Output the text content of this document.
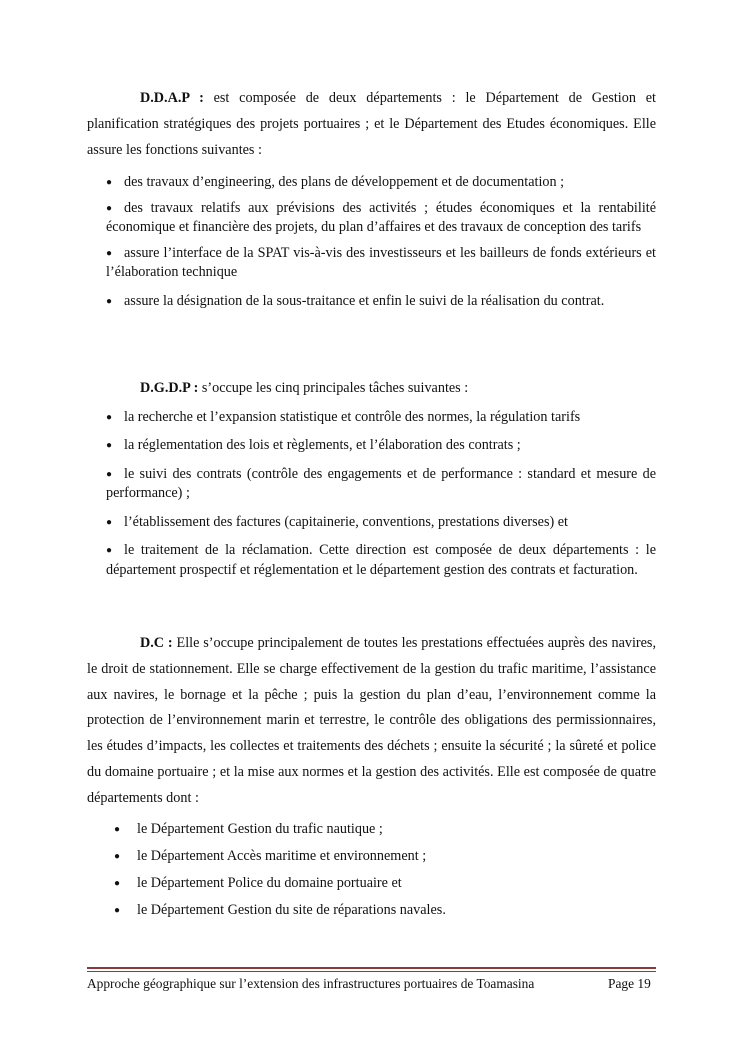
D.D.A.P : est composée de deux départements : le Département de Gestion et planification stratégiques des projets portuaires ; et le Département des Etudes économiques. Elle assure les fonctions suivantes :

● des travaux d’engineering, des plans de développement et de documentation ;
● des travaux relatifs aux prévisions des activités ; études économiques et la rentabilité économique et financière des projets, du plan d’affaires et des travaux de conception des tarifs
● assure l’interface de la SPAT vis-à-vis des investisseurs et les bailleurs de fonds extérieurs et l’élaboration technique
● assure la désignation de la sous-traitance et enfin le suivi de la réalisation du contrat.

D.G.D.P : s’occupe les cinq principales tâches suivantes :

● la recherche et l’expansion statistique et contrôle des normes, la régulation tarifs
● la réglementation des lois et règlements, et l’élaboration des contrats ;
● le suivi des contrats (contrôle des engagements et de performance : standard et mesure de performance) ;
● l’établissement des factures (capitainerie, conventions, prestations diverses) et
● le traitement de la réclamation. Cette direction est composée de deux départements : le département prospectif et réglementation et le département gestion des contrats et facturation.

D.C : Elle s’occupe principalement de toutes les prestations effectuées auprès des navires, le droit de stationnement. Elle se charge effectivement de la gestion du trafic maritime, l’assistance aux navires, le bornage et la pêche ; puis la gestion du plan d’eau, l’environnement comme la protection de l’environnement marin et terrestre, le contrôle des obligations des permissionnaires, les études d’impacts, les collectes et traitements des déchets ; ensuite la sécurité ; la sûreté et police du domaine portuaire ; et la mise aux normes et la gestion des activités. Elle est composée de quatre départements dont :

● le Département Gestion du trafic nautique ;
● le Département Accès maritime et environnement ;
● le Département Police du domaine portuaire et
● le Département Gestion du site de réparations navales.
Approche géographique sur l’extension des infrastructures portuaires de Toamasina	Page 19
